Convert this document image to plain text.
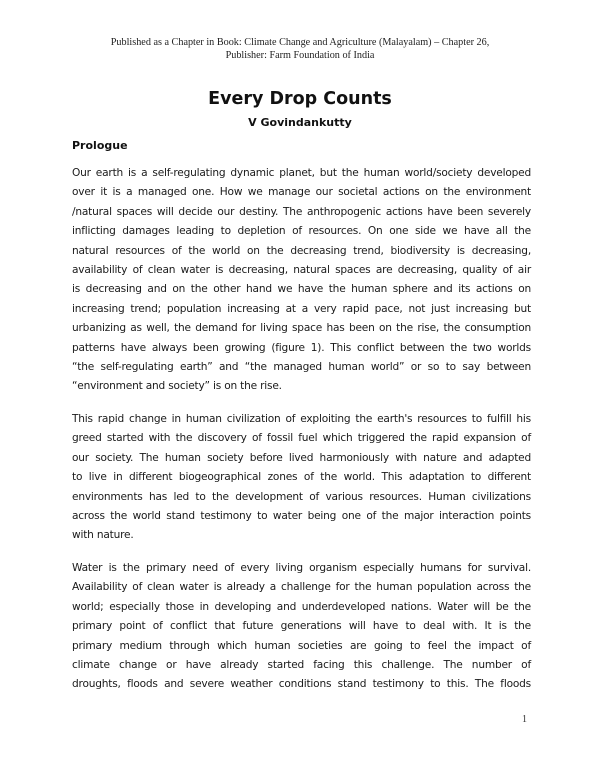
Published as a Chapter in Book: Climate Change and Agriculture (Malayalam) – Chapter 26,
Publisher: Farm Foundation of India
Every Drop Counts
V Govindankutty
Prologue
Our earth is a self-regulating dynamic planet, but the human world/society developed
over it is a managed one. How we manage our societal actions on the environment
/natural spaces will decide our destiny. The anthropogenic actions have been severely
inflicting damages leading to depletion of resources. On one side we have all the
natural resources of the world on the decreasing trend, biodiversity is decreasing,
availability of clean water is decreasing, natural spaces are decreasing, quality of air
is decreasing and on the other hand we have the human sphere and its actions on
increasing trend; population increasing at a very rapid pace, not just increasing but
urbanizing as well, the demand for living space has been on the rise, the consumption
patterns have always been growing (figure 1). This conflict between the two worlds
“the self-regulating earth” and “the managed human world” or so to say between
“environment and society” is on the rise.
This rapid change in human civilization of exploiting the earth's resources to fulfill his
greed started with the discovery of fossil fuel which triggered the rapid expansion of
our society. The human society before lived harmoniously with nature and adapted
to live in different biogeographical zones of the world. This adaptation to different
environments has led to the development of various resources. Human civilizations
across the world stand testimony to water being one of the major interaction points
with nature.
Water is the primary need of every living organism especially humans for survival.
Availability of clean water is already a challenge for the human population across the
world; especially those in developing and underdeveloped nations. Water will be the
primary point of conflict that future generations will have to deal with. It is the
primary medium through which human societies are going to feel the impact of
climate change or have already started facing this challenge. The number of
droughts, floods and severe weather conditions stand testimony to this. The floods
1
